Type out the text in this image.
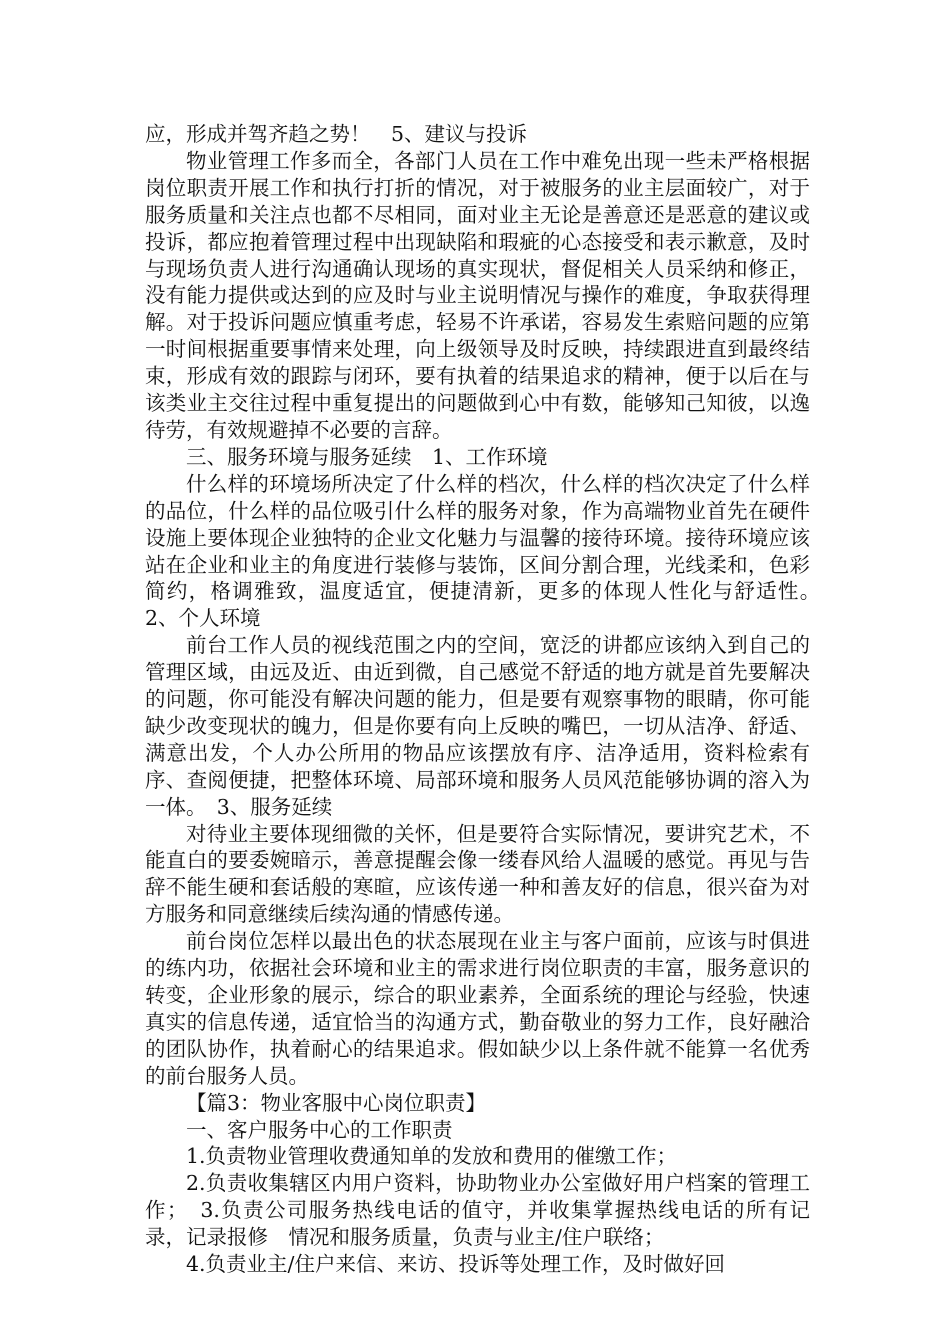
应，形成并驾齐趋之势！　5、建议与投诉

物业管理工作多而全，各部门人员在工作中难免出现一些未严格根据岗位职责开展工作和执行打折的情况，对于被服务的业主层面较广，对于服务质量和关注点也都不尽相同，面对业主无论是善意还是恶意的建议或投诉，都应抱着管理过程中出现缺陷和瑕疵的心态接受和表示歉意，及时与现场负责人进行沟通确认现场的真实现状，督促相关人员采纳和修正，没有能力提供或达到的应及时与业主说明情况与操作的难度，争取获得理解。对于投诉问题应慎重考虑，轻易不许承诺，容易发生索赔问题的应第一时间根据重要事情来处理，向上级领导及时反映，持续跟进直到最终结束，形成有效的跟踪与闭环，要有执着的结果追求的精神，便于以后在与该类业主交往过程中重复提出的问题做到心中有数，能够知己知彼，以逸待劳，有效规避掉不必要的言辞。

三、服务环境与服务延续　1、工作环境

什么样的环境场所决定了什么样的档次，什么样的档次决定了什么样的品位，什么样的品位吸引什么样的服务对象，作为高端物业首先在硬件设施上要体现企业独特的企业文化魅力与温馨的接待环境。接待环境应该站在企业和业主的角度进行装修与装饰，区间分割合理，光线柔和，色彩简约，格调雅致，温度适宜，便捷清新，更多的体现人性化与舒适性。　2、个人环境

前台工作人员的视线范围之内的空间，宽泛的讲都应该纳入到自己的管理区域，由远及近、由近到微，自己感觉不舒适的地方就是首先要解决的问题，你可能没有解决问题的能力，但是要有观察事物的眼睛，你可能缺少改变现状的魄力，但是你要有向上反映的嘴巴，一切从洁净、舒适、满意出发，个人办公所用的物品应该摆放有序、洁净适用，资料检索有序、查阅便捷，把整体环境、局部环境和服务人员风范能够协调的溶入为一体。　3、服务延续

对待业主要体现细微的关怀，但是要符合实际情况，要讲究艺术，不能直白的要委婉暗示，善意提醒会像一缕春风给人温暖的感觉。再见与告辞不能生硬和套话般的寒暄，应该传递一种和善友好的信息，很兴奋为对方服务和同意继续后续沟通的情感传递。

前台岗位怎样以最出色的状态展现在业主与客户面前，应该与时俱进的练内功，依据社会环境和业主的需求进行岗位职责的丰富，服务意识的转变，企业形象的展示，综合的职业素养，全面系统的理论与经验，快速真实的信息传递，适宜恰当的沟通方式，勤奋敬业的努力工作，良好融洽的团队协作，执着耐心的结果追求。假如缺少以上条件就不能算一名优秀的前台服务人员。

【篇3：物业客服中心岗位职责】

一、客户服务中心的工作职责

1.负责物业管理收费通知单的发放和费用的催缴工作；

2.负责收集辖区内用户资料，协助物业办公室做好用户档案的管理工作；　3.负责公司服务热线电话的值守，并收集掌握热线电话的所有记录，记录报修　情况和服务质量，负责与业主/住户联络；

4.负责业主/住户来信、来访、投诉等处理工作，及时做好回
